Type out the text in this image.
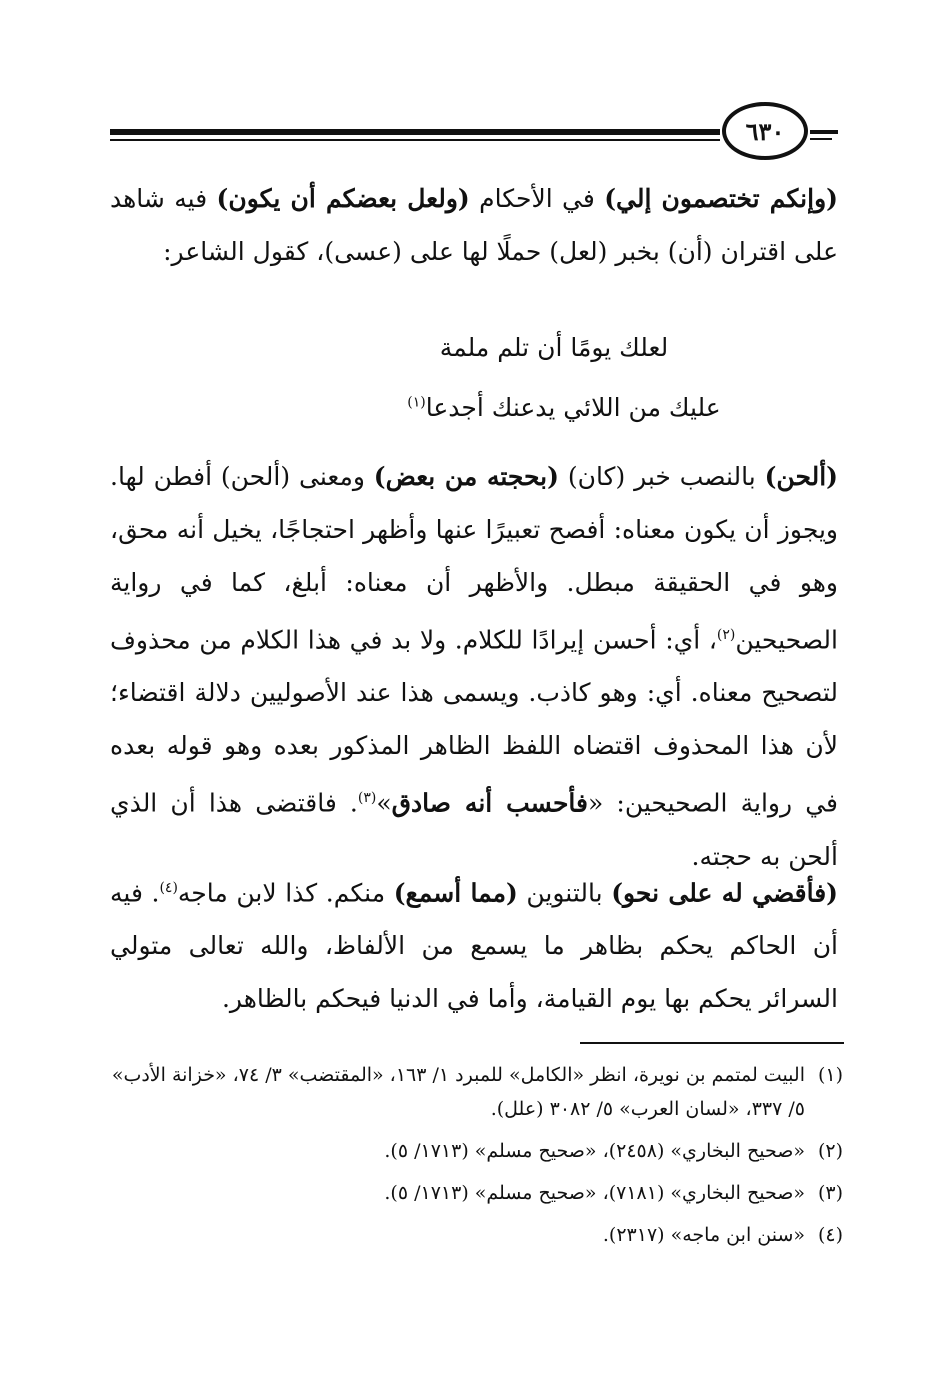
٦٣٠

(وإنكم تختصمون إلي) في الأحكام (ولعل بعضكم أن يكون) فيه شاهد على اقتران (أن) بخبر (لعل) حملًا لها على (عسى)، كقول الشاعر:

لعلك يومًا أن تلم ملمة
عليك من اللائي يدعنك أجدعا$^{(١)}$

(ألحن) بالنصب خبر (كان) (بحجته من بعض) ومعنى (ألحن) أفطن لها. ويجوز أن يكون معناه: أفصح تعبيرًا عنها وأظهر احتجاجًا، يخيل أنه محق، وهو في الحقيقة مبطل. والأظهر أن معناه: أبلغ، كما في رواية الصحيحين$^{(٢)}$، أي: أحسن إيرادًا للكلام. ولا بد في هذا الكلام من محذوف لتصحيح معناه. أي: وهو كاذب. ويسمى هذا عند الأصوليين دلالة اقتضاء؛ لأن هذا المحذوف اقتضاه اللفظ الظاهر المذكور بعده وهو قوله بعده في رواية الصحيحين: «فأحسب أنه صادق»$^{(٣)}$. فاقتضى هذا أن الذي ألحن به حجته.

(فأقضي له على نحو) بالتنوين (مما أسمع) منكم. كذا لابن ماجه$^{(٤)}$. فيه أن الحاكم يحكم بظاهر ما يسمع من الألفاظ، والله تعالى متولي السرائر يحكم بها يوم القيامة، وأما في الدنيا فيحكم بالظاهر.

(١)
البيت لمتمم بن نويرة، انظر «الكامل» للمبرد ١/ ١٦٣، «المقتضب» ٣/ ٧٤، «خزانة الأدب» ٥/ ٣٣٧، «لسان العرب» ٥/ ٣٠٨٢ (علل).
(٢)
«صحيح البخاري» (٢٤٥٨)، «صحيح مسلم» (١٧١٣/ ٥).
(٣)
«صحيح البخاري» (٧١٨١)، «صحيح مسلم» (١٧١٣/ ٥).
(٤)
«سنن ابن ماجه» (٢٣١٧).
